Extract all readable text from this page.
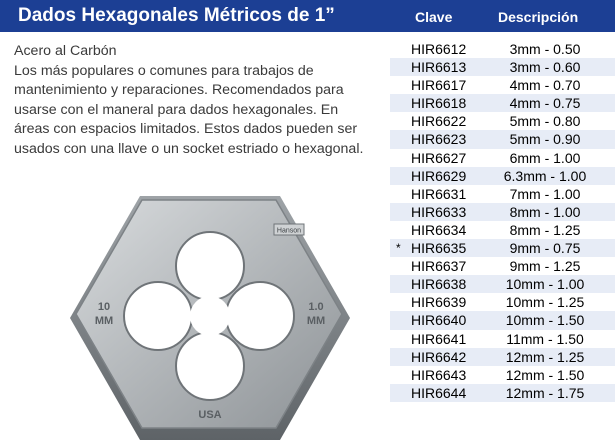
Dados Hexagonales Métricos de 1”	Clave	Descripción
Acero al Carbón
Los más populares o comunes para trabajos de
mantenimiento y reparaciones. Recomendados para
usarse con el maneral para dados hexagonales. En
áreas con espacios limitados. Estos dados pueden ser
usados con una llave o un socket estriado o hexagonal.
Hanson
10
MM
1.0
MM
USA
HIR6612	3mm - 0.50
HIR6613	3mm - 0.60
HIR6617	4mm - 0.70
HIR6618	4mm - 0.75
HIR6622	5mm - 0.80
HIR6623	5mm - 0.90
HIR6627	6mm - 1.00
HIR6629	6.3mm - 1.00
HIR6631	7mm - 1.00
HIR6633	8mm - 1.00
HIR6634	8mm - 1.25
* HIR6635	9mm - 0.75
HIR6637	9mm - 1.25
HIR6638	10mm - 1.00
HIR6639	10mm - 1.25
HIR6640	10mm - 1.50
HIR6641	11mm - 1.50
HIR6642	12mm - 1.25
HIR6643	12mm - 1.50
HIR6644	12mm - 1.75
